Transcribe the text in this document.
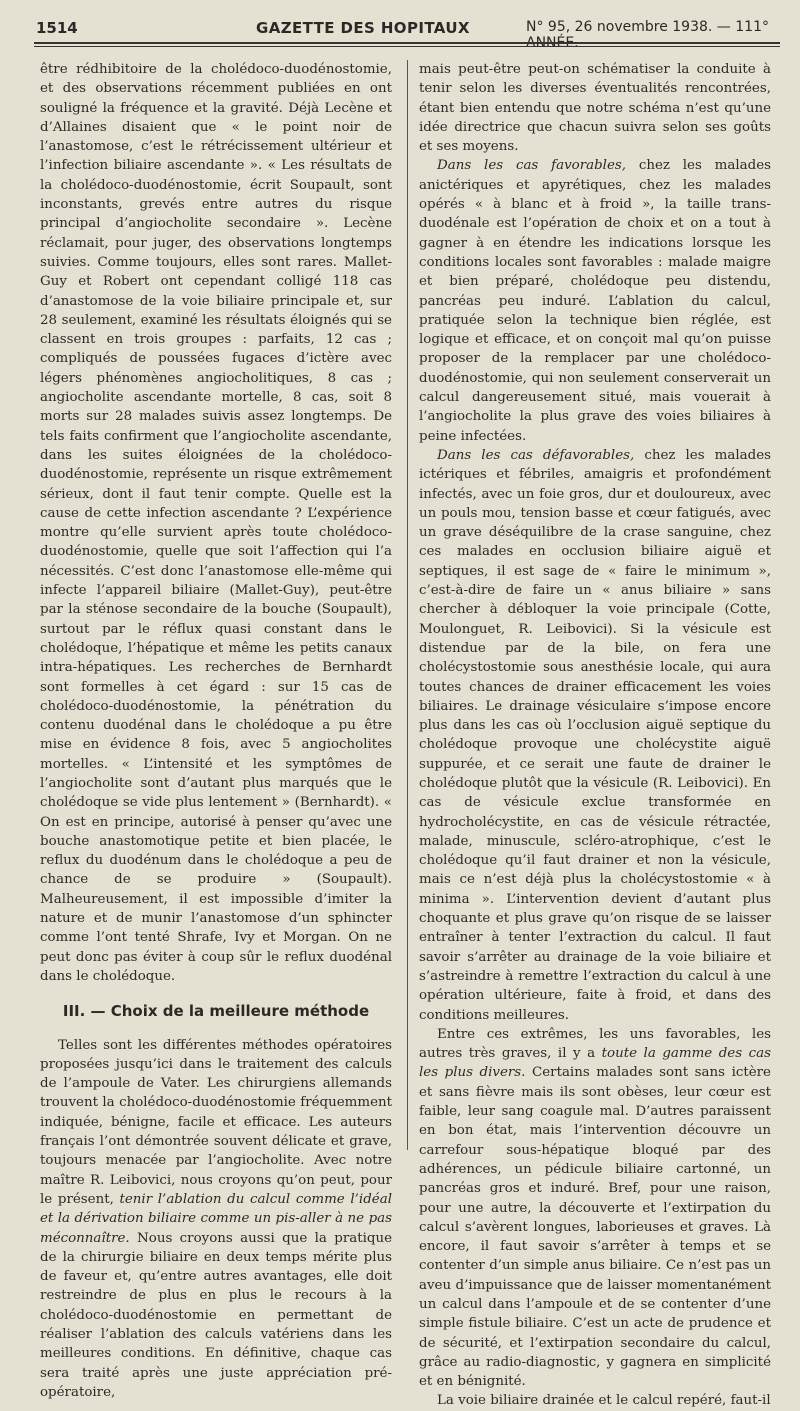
1514	GAZETTE DES HOPITAUX	N° 95, 26 novembre 1938. — 111° ANNÉE.

être rédhibitoire de la cholédoco-duodénostomie, et des observations récemment publiées en ont souligné la fréquence et la gravité. Déjà Lecène et d’Allaines disaient que « le point noir de l’anastomose, c’est le rétrécissement ultérieur et l’infection biliaire ascendante ». « Les résultats de la cholédoco-duodénostomie, écrit Soupault, sont inconstants, grevés entre autres du risque principal d’angiocholite secondaire ». Lecène réclamait, pour juger, des observations longtemps suivies. Comme toujours, elles sont rares. Mallet-Guy et Robert ont cependant colligé 118 cas d’anastomose de la voie biliaire principale et, sur 28 seulement, examiné les résultats éloignés qui se classent en trois groupes : parfaits, 12 cas ; compliqués de poussées fugaces d’ictère avec légers phénomènes angiocholitiques, 8 cas ; angiocholite ascendante mortelle, 8 cas, soit 8 morts sur 28 malades suivis assez longtemps. De tels faits confirment que l’angiocholite ascendante, dans les suites éloignées de la cholédoco-duodénostomie, représente un risque extrêmement sérieux, dont il faut tenir compte. Quelle est la cause de cette infection ascendante ? L’expérience montre qu’elle survient après toute cholédoco-duodénostomie, quelle que soit l’affection qui l’a nécessités. C’est donc l’anastomose elle-même qui infecte l’appareil biliaire (Mallet-Guy), peut-être par la sténose secondaire de la bouche (Soupault), surtout par le réflux quasi constant dans le cholédoque, l’hépatique et même les petits canaux intra-hépatiques. Les recherches de Bernhardt sont formelles à cet égard : sur 15 cas de cholédoco-duodénostomie, la pénétration du contenu duodénal dans le cholédoque a pu être mise en évidence 8 fois, avec 5 angiocholites mortelles. « L’intensité et les symptômes de l’angiocholite sont d’autant plus marqués que le cholédoque se vide plus lentement » (Bernhardt). « On est en principe, autorisé à penser qu’avec une bouche anastomotique petite et bien placée, le reflux du duodénum dans le cholédoque a peu de chance de se produire » (Soupault). Malheureusement, il est impossible d’imiter la nature et de munir l’anastomose d’un sphincter comme l’ont tenté Shrafe, Ivy et Morgan. On ne peut donc pas éviter à coup sûr le reflux duodénal dans le cholédoque.

III. — Choix de la meilleure méthode

Telles sont les différentes méthodes opératoires proposées jusqu’ici dans le traitement des calculs de l’ampoule de Vater. Les chirurgiens allemands trouvent la cholédoco-duodénostomie fréquemment indiquée, bénigne, facile et efficace. Les auteurs français l’ont démontrée souvent délicate et grave, toujours menacée par l’angiocholite. Avec notre maître R. Leibovici, nous croyons qu’on peut, pour le présent, tenir l’ablation du calcul comme l’idéal et la dérivation biliaire comme un pis-aller à ne pas méconnaître. Nous croyons aussi que la pratique de la chirurgie biliaire en deux temps mérite plus de faveur et, qu’entre autres avantages, elle doit restreindre de plus en plus le recours à la cholédoco-duodénostomie en permettant de réaliser l’ablation des calculs vatériens dans les meilleures conditions. En définitive, chaque cas sera traité après une juste appréciation pré-opératoire,

mais peut-être peut-on schématiser la conduite à tenir selon les diverses éventualités rencontrées, étant bien entendu que notre schéma n’est qu’une idée directrice que chacun suivra selon ses goûts et ses moyens.

Dans les cas favorables, chez les malades anictériques et apyrétiques, chez les malades opérés « à blanc et à froid », la taille trans-duodénale est l’opération de choix et on a tout à gagner à en étendre les indications lorsque les conditions locales sont favorables : malade maigre et bien préparé, cholédoque peu distendu, pancréas peu induré. L’ablation du calcul, pratiquée selon la technique bien réglée, est logique et efficace, et on conçoit mal qu’on puisse proposer de la remplacer par une cholédoco-duodénostomie, qui non seulement conserverait un calcul dangereusement situé, mais vouerait à l’angiocholite la plus grave des voies biliaires à peine infectées.

Dans les cas défavorables, chez les malades ictériques et fébriles, amaigris et profondément infectés, avec un foie gros, dur et douloureux, avec un pouls mou, tension basse et cœur fatigués, avec un grave déséquilibre de la crase sanguine, chez ces malades en occlusion biliaire aiguë et septiques, il est sage de « faire le minimum », c’est-à-dire de faire un « anus biliaire » sans chercher à débloquer la voie principale (Cotte, Moulonguet, R. Leibovici). Si la vésicule est distendue par de la bile, on fera une cholécystostomie sous anesthésie locale, qui aura toutes chances de drainer efficacement les voies biliaires. Le drainage vésiculaire s’impose encore plus dans les cas où l’occlusion aiguë septique du cholédoque provoque une cholécystite aiguë suppurée, et ce serait une faute de drainer le cholédoque plutôt que la vésicule (R. Leibovici). En cas de vésicule exclue transformée en hydrocholécystite, en cas de vésicule rétractée, malade, minuscule, scléro-atrophique, c’est le cholédoque qu’il faut drainer et non la vésicule, mais ce n’est déjà plus la cholécystostomie « à minima ». L’intervention devient d’autant plus choquante et plus grave qu’on risque de se laisser entraîner à tenter l’extraction du calcul. Il faut savoir s’arrêter au drainage de la voie biliaire et s’astreindre à remettre l’extraction du calcul à une opération ultérieure, faite à froid, et dans des conditions meilleures.

Entre ces extrêmes, les uns favorables, les autres très graves, il y a toute la gamme des cas les plus divers. Certains malades sont sans ictère et sans fièvre mais ils sont obèses, leur cœur est faible, leur sang coagule mal. D’autres paraissent en bon état, mais l’intervention découvre un carrefour sous-hépatique bloqué par des adhérences, un pédicule biliaire cartonné, un pancréas gros et induré. Bref, pour une raison, pour une autre, la découverte et l’extirpation du calcul s’avèrent longues, laborieuses et graves. Là encore, il faut savoir s’arrêter à temps et se contenter d’un simple anus biliaire. Ce n’est pas un aveu d’impuissance que de laisser momentanément un calcul dans l’ampoule et de se contenter d’une simple fistule biliaire. C’est un acte de prudence et de sécurité, et l’extirpation secondaire du calcul, grâce au radio-diagnostic, y gagnera en simplicité et en bénignité.

La voie biliaire drainée et le calcul repéré, faut-il
